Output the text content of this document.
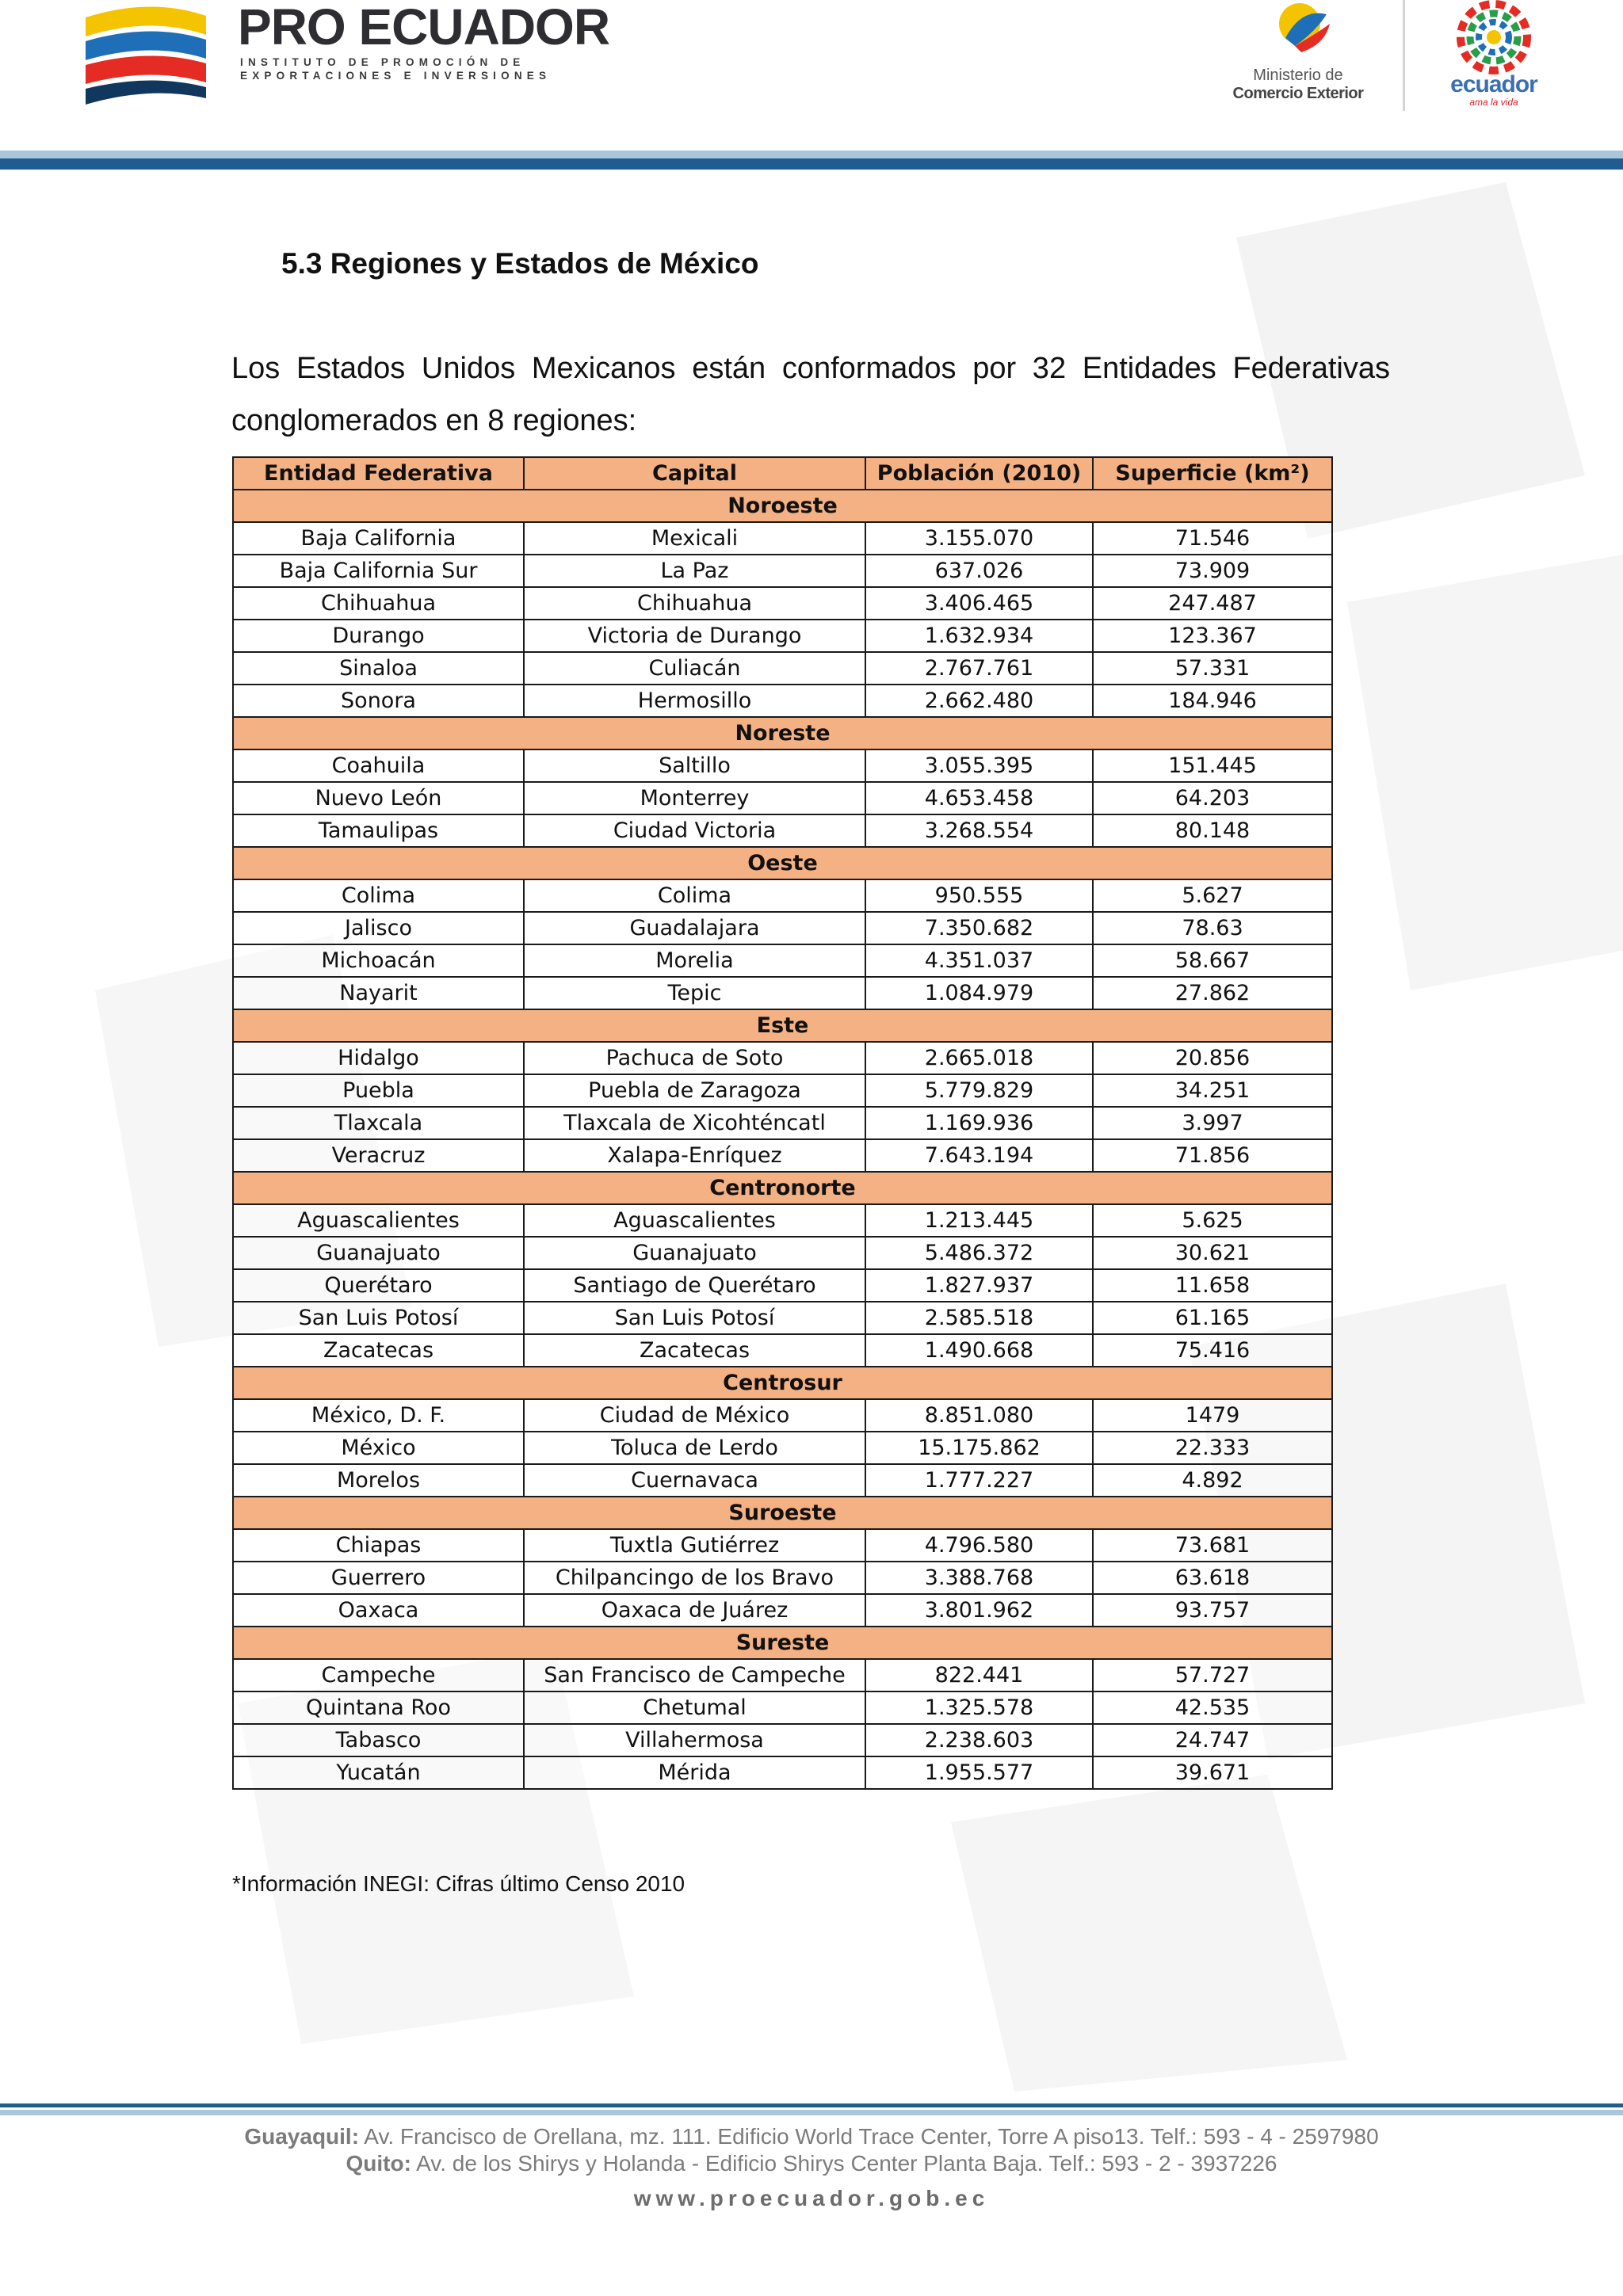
PRO ECUADOR
INSTITUTO DE PROMOCIÓN DE EXPORTACIONES E INVERSIONES	Ministerio de
Comercio Exterior	ecuador
ama la vida
5.3 Regiones y Estados de México

Los Estados Unidos Mexicanos están conformados por 32 Entidades Federativas conglomerados en 8 regiones:

Entidad Federativa	Capital	Población (2010)	Superficie (km²)
Noroeste			
Baja California	Mexicali	3.155.070	71.546
Baja California Sur	La Paz	637.026	73.909
Chihuahua	Chihuahua	3.406.465	247.487
Durango	Victoria de Durango	1.632.934	123.367
Sinaloa	Culiacán	2.767.761	57.331
Sonora	Hermosillo	2.662.480	184.946
Noreste			
Coahuila	Saltillo	3.055.395	151.445
Nuevo León	Monterrey	4.653.458	64.203
Tamaulipas	Ciudad Victoria	3.268.554	80.148
Oeste			
Colima	Colima	950.555	5.627
Jalisco	Guadalajara	7.350.682	78.63
Michoacán	Morelia	4.351.037	58.667
Nayarit	Tepic	1.084.979	27.862
Este			
Hidalgo	Pachuca de Soto	2.665.018	20.856
Puebla	Puebla de Zaragoza	5.779.829	34.251
Tlaxcala	Tlaxcala de Xicohténcatl	1.169.936	3.997
Veracruz	Xalapa-Enríquez	7.643.194	71.856
Centronorte			
Aguascalientes	Aguascalientes	1.213.445	5.625
Guanajuato	Guanajuato	5.486.372	30.621
Querétaro	Santiago de Querétaro	1.827.937	11.658
San Luis Potosí	San Luis Potosí	2.585.518	61.165
Zacatecas	Zacatecas	1.490.668	75.416
Centrosur			
México, D. F.	Ciudad de México	8.851.080	1479
México	Toluca de Lerdo	15.175.862	22.333
Morelos	Cuernavaca	1.777.227	4.892
Suroeste			
Chiapas	Tuxtla Gutiérrez	4.796.580	73.681
Guerrero	Chilpancingo de los Bravo	3.388.768	63.618
Oaxaca	Oaxaca de Juárez	3.801.962	93.757
Sureste			
Campeche	San Francisco de Campeche	822.441	57.727
Quintana Roo	Chetumal	1.325.578	42.535
Tabasco	Villahermosa	2.238.603	24.747
Yucatán	Mérida	1.955.577	39.671

*Información INEGI: Cifras último Censo 2010

Guayaquil: Av. Francisco de Orellana, mz. 111. Edificio World Trace Center, Torre A piso13. Telf.: 593 - 4 - 2597980
Quito: Av. de los Shirys y Holanda - Edificio Shirys Center Planta Baja. Telf.: 593 - 2 - 3937226
www.proecuador.gob.ec
